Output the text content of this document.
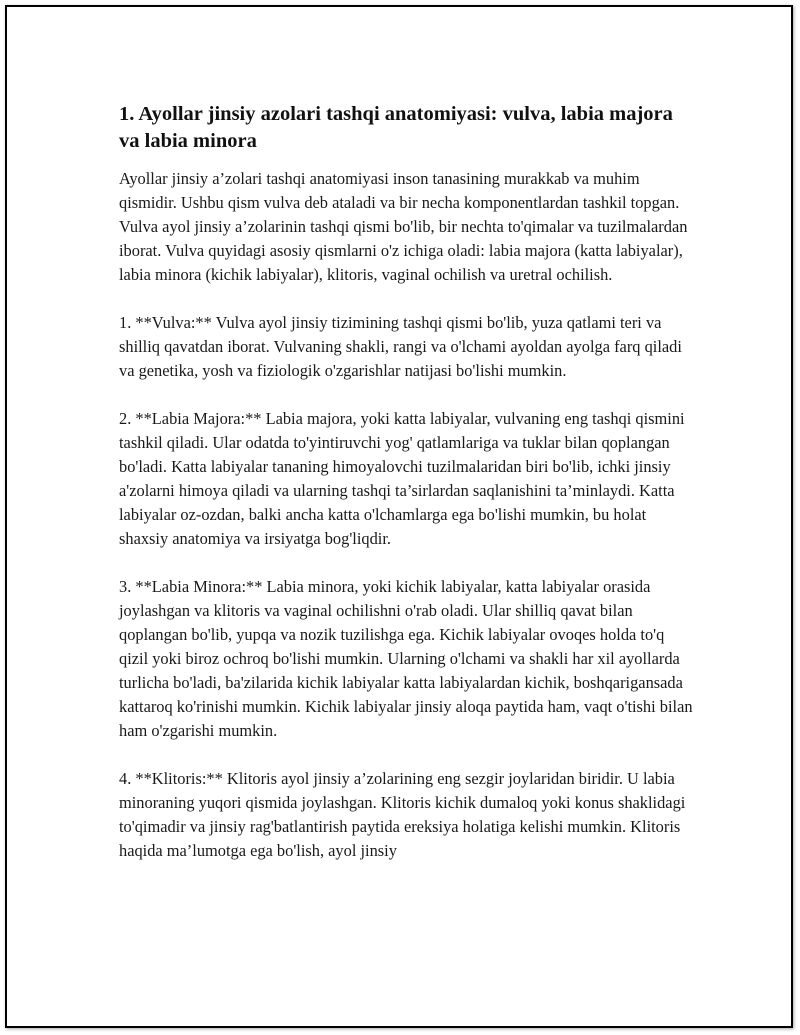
1. Ayollar jinsiy azolari tashqi anatomiyasi: vulva, labia majora va labia minora

Ayollar jinsiy a’zolari tashqi anatomiyasi inson tanasining murakkab va muhim qismidir. Ushbu qism vulva deb ataladi va bir necha komponentlardan tashkil topgan. Vulva ayol jinsiy a’zolarinin tashqi qismi bo'lib, bir nechta to'qimalar va tuzilmalardan iborat. Vulva quyidagi asosiy qismlarni o'z ichiga oladi: labia majora (katta labiyalar), labia minora (kichik labiyalar), klitoris, vaginal ochilish va uretral ochilish.

1. **Vulva:** Vulva ayol jinsiy tizimining tashqi qismi bo'lib, yuza qatlami teri va shilliq qavatdan iborat. Vulvaning shakli, rangi va o'lchami ayoldan ayolga farq qiladi va genetika, yosh va fiziologik o'zgarishlar natijasi bo'lishi mumkin.

2. **Labia Majora:** Labia majora, yoki katta labiyalar, vulvaning eng tashqi qismini tashkil qiladi. Ular odatda to'yintiruvchi yog' qatlamlariga va tuklar bilan qoplangan bo'ladi. Katta labiyalar tananing himoyalovchi tuzilmalaridan biri bo'lib, ichki jinsiy a'zolarni himoya qiladi va ularning tashqi ta’sirlardan saqlanishini ta’minlaydi. Katta labiyalar oz-ozdan, balki ancha katta o'lchamlarga ega bo'lishi mumkin, bu holat shaxsiy anatomiya va irsiyatga bog'liqdir.

3. **Labia Minora:** Labia minora, yoki kichik labiyalar, katta labiyalar orasida joylashgan va klitoris va vaginal ochilishni o'rab oladi. Ular shilliq qavat bilan qoplangan bo'lib, yupqa va nozik tuzilishga ega. Kichik labiyalar ovoqes holda to'q qizil yoki biroz ochroq bo'lishi mumkin. Ularning o'lchami va shakli har xil ayollarda turlicha bo'ladi, ba'zilarida kichik labiyalar katta labiyalardan kichik, boshqarigansada kattaroq ko'rinishi mumkin. Kichik labiyalar jinsiy aloqa paytida ham, vaqt o'tishi bilan ham o'zgarishi mumkin.

4. **Klitoris:** Klitoris ayol jinsiy a’zolarining eng sezgir joylaridan biridir. U labia minoraning yuqori qismida joylashgan. Klitoris kichik dumaloq yoki konus shaklidagi to'qimadir va jinsiy rag'batlantirish paytida ereksiya holatiga kelishi mumkin. Klitoris haqida ma’lumotga ega bo'lish, ayol jinsiy
